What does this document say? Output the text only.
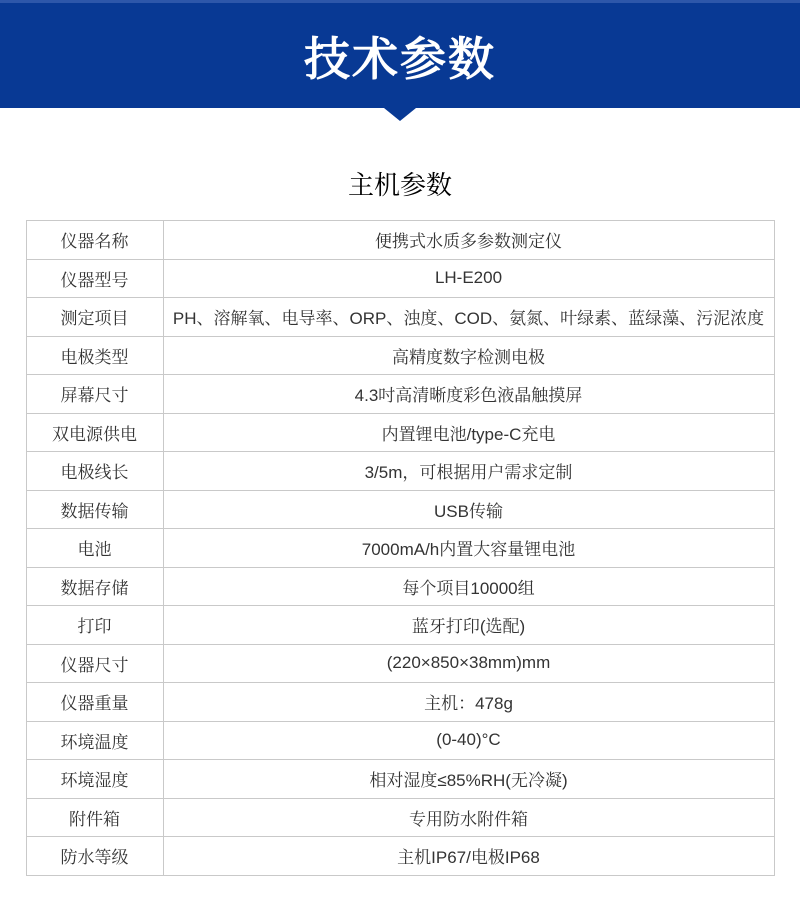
技术参数
主机参数
仪器名称	便携式水质多参数测定仪
仪器型号	LH-E200
测定项目	PH、溶解氧、电导率、ORP、浊度、COD、氨氮、叶绿素、蓝绿藻、污泥浓度
电极类型	高精度数字检测电极
屏幕尺寸	4.3吋高清晰度彩色液晶触摸屏
双电源供电	内置锂电池/type-C充电
电极线长	3/5m，可根据用户需求定制
数据传输	USB传输
电池	7000mA/h内置大容量锂电池
数据存储	每个项目10000组
打印	蓝牙打印(选配)
仪器尺寸	(220×850×38mm)mm
仪器重量	主机：478g
环境温度	(0-40)°C
环境湿度	相对湿度≤85%RH(无冷凝)
附件箱	专用防水附件箱
防水等级	主机IP67/电极IP68
